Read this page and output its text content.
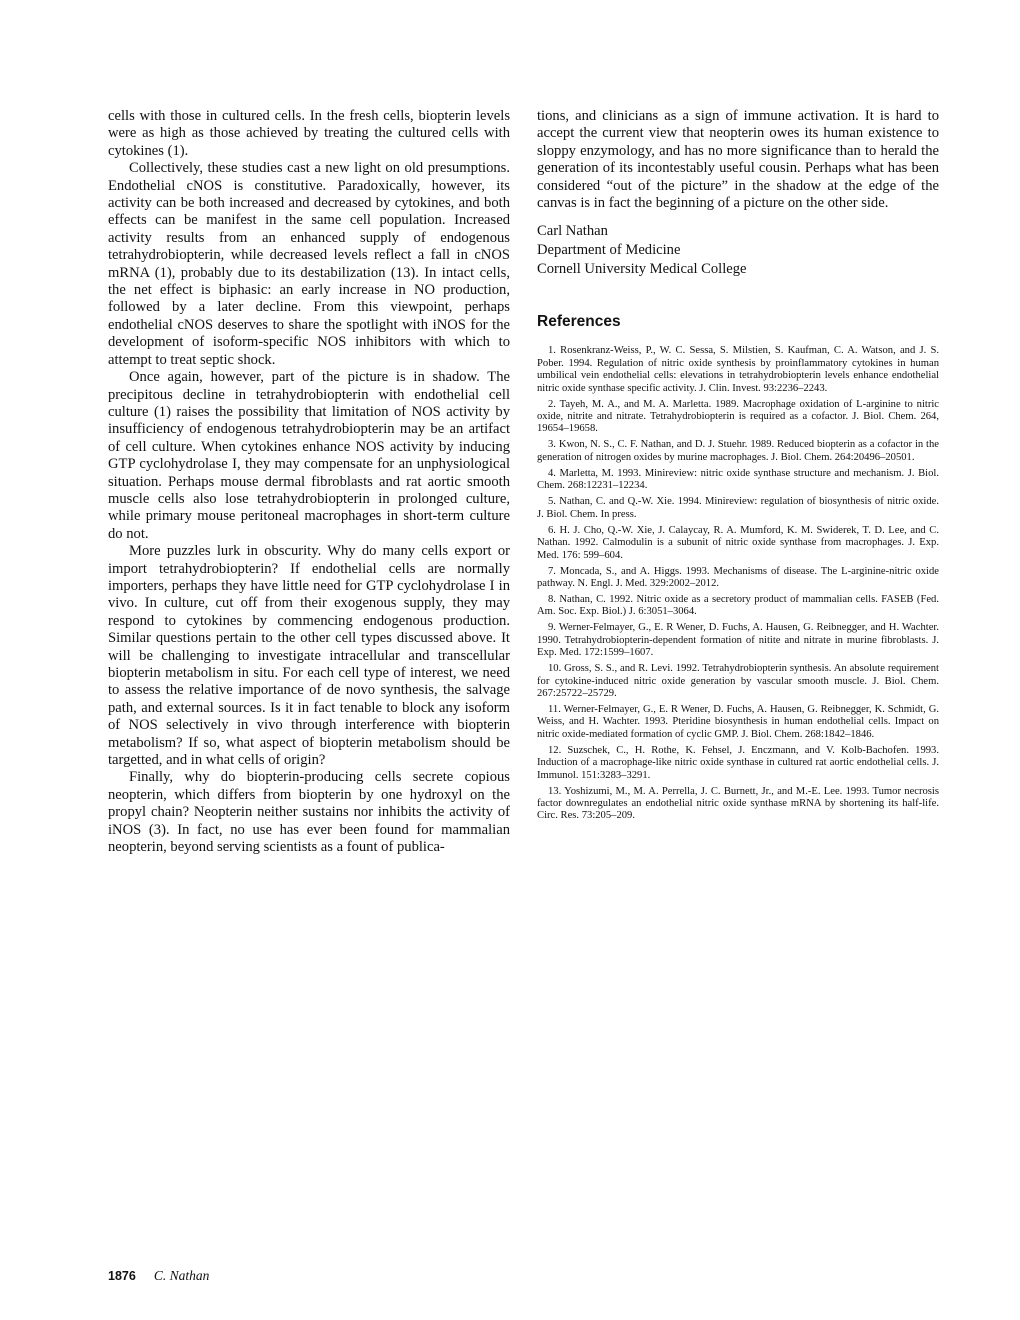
cells with those in cultured cells. In the fresh cells, biopterin levels were as high as those achieved by treating the cultured cells with cytokines (1).

Collectively, these studies cast a new light on old presumptions. Endothelial cNOS is constitutive. Paradoxically, however, its activity can be both increased and decreased by cytokines, and both effects can be manifest in the same cell population. Increased activity results from an enhanced supply of endogenous tetrahydrobiopterin, while decreased levels reflect a fall in cNOS mRNA (1), probably due to its destabilization (13). In intact cells, the net effect is biphasic: an early increase in NO production, followed by a later decline. From this viewpoint, perhaps endothelial cNOS deserves to share the spotlight with iNOS for the development of isoform-specific NOS inhibitors with which to attempt to treat septic shock.

Once again, however, part of the picture is in shadow. The precipitous decline in tetrahydrobiopterin with endothelial cell culture (1) raises the possibility that limitation of NOS activity by insufficiency of endogenous tetrahydrobiopterin may be an artifact of cell culture. When cytokines enhance NOS activity by inducing GTP cyclohydrolase I, they may compensate for an unphysiological situation. Perhaps mouse dermal fibroblasts and rat aortic smooth muscle cells also lose tetrahydrobiopterin in prolonged culture, while primary mouse peritoneal macrophages in short-term culture do not.

More puzzles lurk in obscurity. Why do many cells export or import tetrahydrobiopterin? If endothelial cells are normally importers, perhaps they have little need for GTP cyclohydrolase I in vivo. In culture, cut off from their exogenous supply, they may respond to cytokines by commencing endogenous production. Similar questions pertain to the other cell types discussed above. It will be challenging to investigate intracellular and transcellular biopterin metabolism in situ. For each cell type of interest, we need to assess the relative importance of de novo synthesis, the salvage path, and external sources. Is it in fact tenable to block any isoform of NOS selectively in vivo through interference with biopterin metabolism? If so, what aspect of biopterin metabolism should be targetted, and in what cells of origin?

Finally, why do biopterin-producing cells secrete copious neopterin, which differs from biopterin by one hydroxyl on the propyl chain? Neopterin neither sustains nor inhibits the activity of iNOS (3). In fact, no use has ever been found for mammalian neopterin, beyond serving scientists as a fount of publica-

tions, and clinicians as a sign of immune activation. It is hard to accept the current view that neopterin owes its human existence to sloppy enzymology, and has no more significance than to herald the generation of its incontestably useful cousin. Perhaps what has been considered “out of the picture” in the shadow at the edge of the canvas is in fact the beginning of a picture on the other side.

Carl Nathan
Department of Medicine
Cornell University Medical College
References

1. Rosenkranz-Weiss, P., W. C. Sessa, S. Milstien, S. Kaufman, C. A. Watson, and J. S. Pober. 1994. Regulation of nitric oxide synthesis by proinflammatory cytokines in human umbilical vein endothelial cells: elevations in tetrahydrobiopterin levels enhance endothelial nitric oxide synthase specific activity. J. Clin. Invest. 93:2236–2243.

2. Tayeh, M. A., and M. A. Marletta. 1989. Macrophage oxidation of L-arginine to nitric oxide, nitrite and nitrate. Tetrahydrobiopterin is required as a cofactor. J. Biol. Chem. 264, 19654–19658.

3. Kwon, N. S., C. F. Nathan, and D. J. Stuehr. 1989. Reduced biopterin as a cofactor in the generation of nitrogen oxides by murine macrophages. J. Biol. Chem. 264:20496–20501.

4. Marletta, M. 1993. Minireview: nitric oxide synthase structure and mechanism. J. Biol. Chem. 268:12231–12234.

5. Nathan, C. and Q.-W. Xie. 1994. Minireview: regulation of biosynthesis of nitric oxide. J. Biol. Chem. In press.

6. H. J. Cho, Q.-W. Xie, J. Calaycay, R. A. Mumford, K. M. Swiderek, T. D. Lee, and C. Nathan. 1992. Calmodulin is a subunit of nitric oxide synthase from macrophages. J. Exp. Med. 176: 599–604.

7. Moncada, S., and A. Higgs. 1993. Mechanisms of disease. The L-arginine-nitric oxide pathway. N. Engl. J. Med. 329:2002–2012.

8. Nathan, C. 1992. Nitric oxide as a secretory product of mammalian cells. FASEB (Fed. Am. Soc. Exp. Biol.) J. 6:3051–3064.

9. Werner-Felmayer, G., E. R Wener, D. Fuchs, A. Hausen, G. Reibnegger, and H. Wachter. 1990. Tetrahydrobiopterin-dependent formation of nitite and nitrate in murine fibroblasts. J. Exp. Med. 172:1599–1607.

10. Gross, S. S., and R. Levi. 1992. Tetrahydrobiopterin synthesis. An absolute requirement for cytokine-induced nitric oxide generation by vascular smooth muscle. J. Biol. Chem. 267:25722–25729.

11. Werner-Felmayer, G., E. R Wener, D. Fuchs, A. Hausen, G. Reibnegger, K. Schmidt, G. Weiss, and H. Wachter. 1993. Pteridine biosynthesis in human endothelial cells. Impact on nitric oxide-mediated formation of cyclic GMP. J. Biol. Chem. 268:1842–1846.

12. Suzschek, C., H. Rothe, K. Fehsel, J. Enczmann, and V. Kolb-Bachofen. 1993. Induction of a macrophage-like nitric oxide synthase in cultured rat aortic endothelial cells. J. Immunol. 151:3283–3291.

13. Yoshizumi, M., M. A. Perrella, J. C. Burnett, Jr., and M.-E. Lee. 1993. Tumor necrosis factor downregulates an endothelial nitric oxide synthase mRNA by shortening its half-life. Circ. Res. 73:205–209.

1876 C. Nathan
